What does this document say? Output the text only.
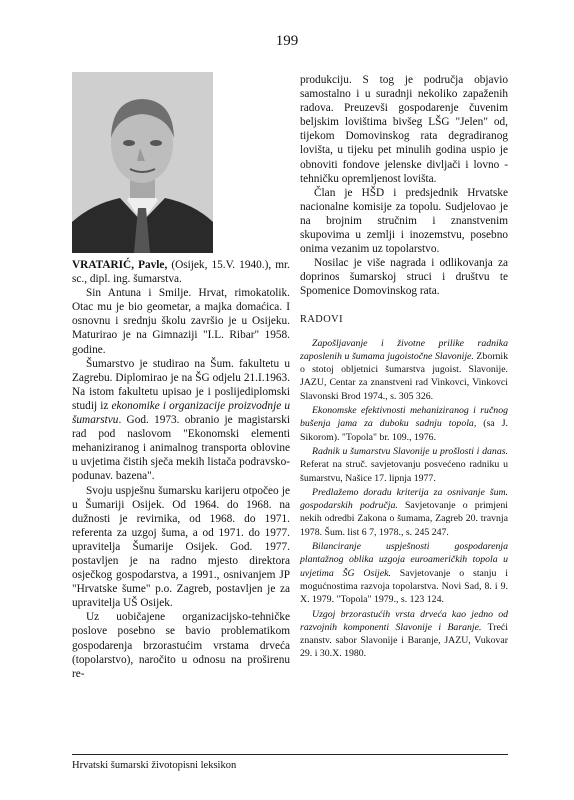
199

VRATARIĆ, Pavle, (Osijek, 15.V. 1940.), mr. sc., dipl. ing. šumarstva.

Sin Antuna i Smilje. Hrvat, rimokatolik. Otac mu je bio geometar, a majka domaćica. I osnovnu i srednju školu završio je u Osijeku. Maturirao je na Gimnaziji "I.L. Ribar" 1958. godine.

Šumarstvo je studirao na Šum. fakultetu u Zagrebu. Diplomirao je na ŠG odjelu 21.I.1963. Na istom fakultetu upisao je i poslijediplomski studij iz ekonomike i organizacije proizvodnje u šumarstvu. God. 1973. obranio je magistarski rad pod naslovom "Ekonomski elementi mehaniziranog i animalnog transporta oblovine u uvjetima čistih sječa mekih listača podravsko-podunav. bazena".

Svoju uspješnu šumarsku karijeru otpočeo je u Šumariji Osijek. Od 1964. do 1968. na dužnosti je revirnika, od 1968. do 1971. referenta za uzgoj šuma, a od 1971. do 1977. upravitelja Šumarije Osijek. God. 1977. postavljen je na radno mjesto direktora osječkog gospodarstva, a 1991., osnivanjem JP "Hrvatske šume" p.o. Zagreb, postavljen je za upravitelja UŠ Osijek.

Uz uobičajene organizacijsko-tehničke poslove posebno se bavio problematikom gospodarenja brzorastućim vrstama drveća (topolarstvo), naročito u odnosu na proširenu re-

produkciju. S tog je područja objavio samostalno i u suradnji nekoliko zapaženih radova. Preuzevši gospodarenje čuvenim beljskim lovištima bivšeg LŠG "Jelen" od, tijekom Domovinskog rata degradiranog lovišta, u tijeku pet minulih godina uspio je obnoviti fondove jelenske divljači i lovno - tehničku opremljenost lovišta.

Član je HŠD i predsjednik Hrvatske nacionalne komisije za topolu. Sudjelovao je na brojnim stručnim i znanstvenim skupovima u zemlji i inozemstvu, posebno onima vezanim uz topolarstvo.

Nosilac je više nagrada i odlikovanja za doprinos šumarskoj struci i društvu te Spomenice Domovinskog rata.

RADOVI

Zapošljavanje i životne prilike radnika zaposlenih u šumama jugoistočne Slavonije. Zbornik o stotoj obljetnici šumarstva jugoist. Slavonije. JAZU, Centar za znanstveni rad Vinkovci, Vinkovci Slavonski Brod 1974., s. 305 326.

Ekonomske efektivnosti mehaniziranog i ručnog bušenja jama za duboku sadnju topola, (sa J. Sikorom). "Topola" br. 109., 1976.

Radnik u šumarstvu Slavonije u prošlosti i danas. Referat na struč. savjetovanju posvećeno radniku u šumarstvu, Našice 17. lipnja 1977.

Predlažemo doradu kriterija za osnivanje šum. gospodarskih područja. Savjetovanje o primjeni nekih odredbi Zakona o šumama, Zagreb 20. travnja 1978. Šum. list 6 7, 1978., s. 245 247.

Bilanciranje uspješnosti gospodarenja plantažnog oblika uzgoja euroameričkih topola u uvjetima ŠG Osijek. Savjetovanje o stanju i mogućnostima razvoja topolarstva. Novi Sad, 8. i 9. X. 1979. "Topola" 1979., s. 123 124.

Uzgoj brzorastućih vrsta drveća kao jedno od razvojnih komponenti Slavonije i Baranje. Treći znanstv. sabor Slavonije i Baranje, JAZU, Vukovar 29. i 30.X. 1980.

Hrvatski šumarski životopisni leksikon
